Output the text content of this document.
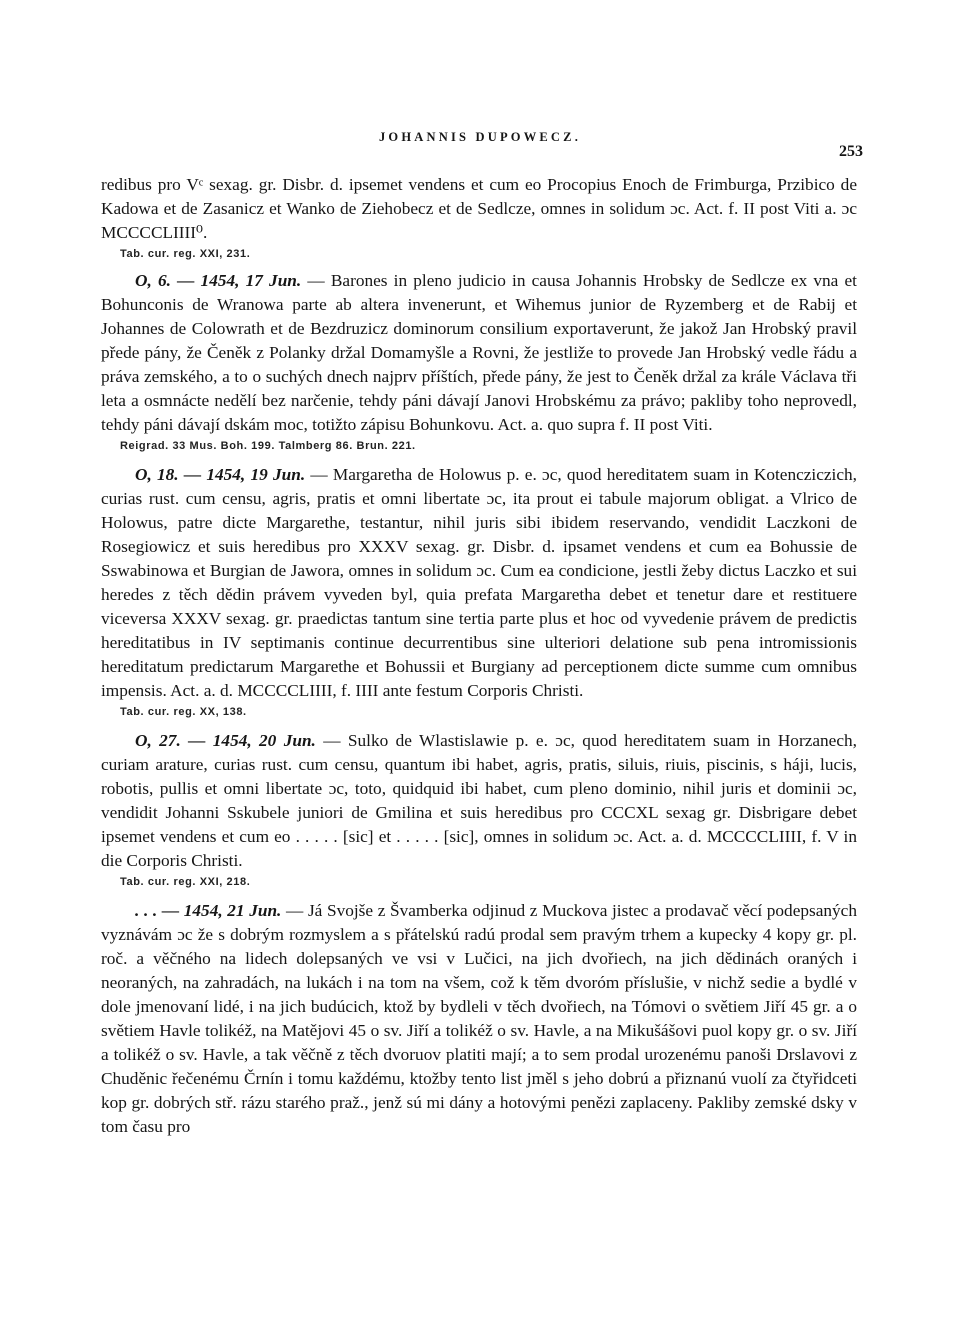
JOHANNIS DUPOWECZ.
253

redibus pro Vᶜ sexag. gr. Disbr. d. ipsemet vendens et cum eo Procopius Enoch de Frimburga, Przibico de Kadowa et de Zasanicz et Wanko de Ziehobecz et de Sedlcze, omnes in solidum ɔc. Act. f. II post Viti a. ɔc MCCCCLIIII⁰.

Tab. cur. reg. XXI, 231.

O, 6. — 1454, 17 Jun. — Barones in pleno judicio in causa Johannis Hrobsky de Sedlcze ex vna et Bohunconis de Wranowa parte ab altera invenerunt, et Wihemus junior de Ryzemberg et de Rabij et Johannes de Colowrath et de Bezdruzicz dominorum consilium exportaverunt, že jakož Jan Hrobský pravil přede pány, že Čeněk z Polanky držal Domamyšle a Rovni, že jestliže to provede Jan Hrobský vedle řádu a práva zemského, a to o suchých dnech najprv příštích, přede pány, že jest to Čeněk držal za krále Václava tři leta a osmnácte nedělí bez narčenie, tehdy páni dávají Janovi Hrobskému za právo; pakliby toho neprovedl, tehdy páni dávají dskám moc, totižto zápisu Bohunkovu. Act. a. quo supra f. II post Viti.

Reigrad. 33 Mus. Boh. 199. Talmberg 86. Brun. 221.

O, 18. — 1454, 19 Jun. — Margaretha de Holowus p. e. ɔc, quod hereditatem suam in Kotencziczich, curias rust. cum censu, agris, pratis et omni libertate ɔc, ita prout ei tabule majorum obligat. a Vlrico de Holowus, patre dicte Margarethe, testantur, nihil juris sibi ibidem reservando, vendidit Laczkoni de Rosegiowicz et suis heredibus pro XXXV sexag. gr. Disbr. d. ipsamet vendens et cum ea Bohussie de Sswabinowa et Burgian de Jawora, omnes in solidum ɔc. Cum ea condicione, jestli žeby dictus Laczko et sui heredes z těch dědin právem vyveden byl, quia prefata Margaretha debet et tenetur dare et restituere viceversa XXXV sexag. gr. praedictas tantum sine tertia parte plus et hoc od vyvedenie právem de predictis hereditatibus in IV septimanis continue decurrentibus sine ulteriori delatione sub pena intromissionis hereditatum predictarum Margarethe et Bohussii et Burgiany ad perceptionem dicte summe cum omnibus impensis. Act. a. d. MCCCCLIIII, f. IIII ante festum Corporis Christi.

Tab. cur. reg. XX, 138.

O, 27. — 1454, 20 Jun. — Sulko de Wlastislawie p. e. ɔc, quod hereditatem suam in Horzanech, curiam arature, curias rust. cum censu, quantum ibi habet, agris, pratis, siluis, riuis, piscinis, s háji, lucis, robotis, pullis et omni libertate ɔc, toto, quidquid ibi habet, cum pleno dominio, nihil juris et dominii ɔc, vendidit Johanni Sskubele juniori de Gmilina et suis heredibus pro CCCXL sexag gr. Disbrigare debet ipsemet vendens et cum eo . . . . . [sic] et . . . . . [sic], omnes in solidum ɔc. Act. a. d. MCCCCLIIII, f. V in die Corporis Christi.

Tab. cur. reg. XXI, 218.

. . . — 1454, 21 Jun. — Já Svojše z Švamberka odjinud z Muckova jistec a prodavač věcí podepsaných vyznávám ɔc že s dobrým rozmyslem a s přátelskú radú prodal sem pravým trhem a kupecky 4 kopy gr. pl. roč. a věčného na lidech dolepsaných ve vsi v Lučici, na jich dvořiech, na jich dědinách oraných i neoraných, na zahradách, na lukách i na tom na všem, což k těm dvoróm příslušie, v nichž sedie a bydlé v dole jmenovaní lidé, i na jich budúcich, ktož by bydleli v těch dvořiech, na Tómovi o světiem Jiří 45 gr. a o světiem Havle tolikéž, na Matějovi 45 o sv. Jiří a tolikéž o sv. Havle, a na Mikušášovi puol kopy gr. o sv. Jiří a tolikéž o sv. Havle, a tak věčně z těch dvoruov platiti mají; a to sem prodal urozenému panoši Drslavovi z Chuděnic řečenému Črnín i tomu každému, ktožby tento list jměl s jeho dobrú a přiznanú vuolí za čtyřidceti kop gr. dobrých stř. rázu starého praž., jenž sú mi dány a hotovými penězi zaplaceny. Pakliby zemské dsky v tom času pro
